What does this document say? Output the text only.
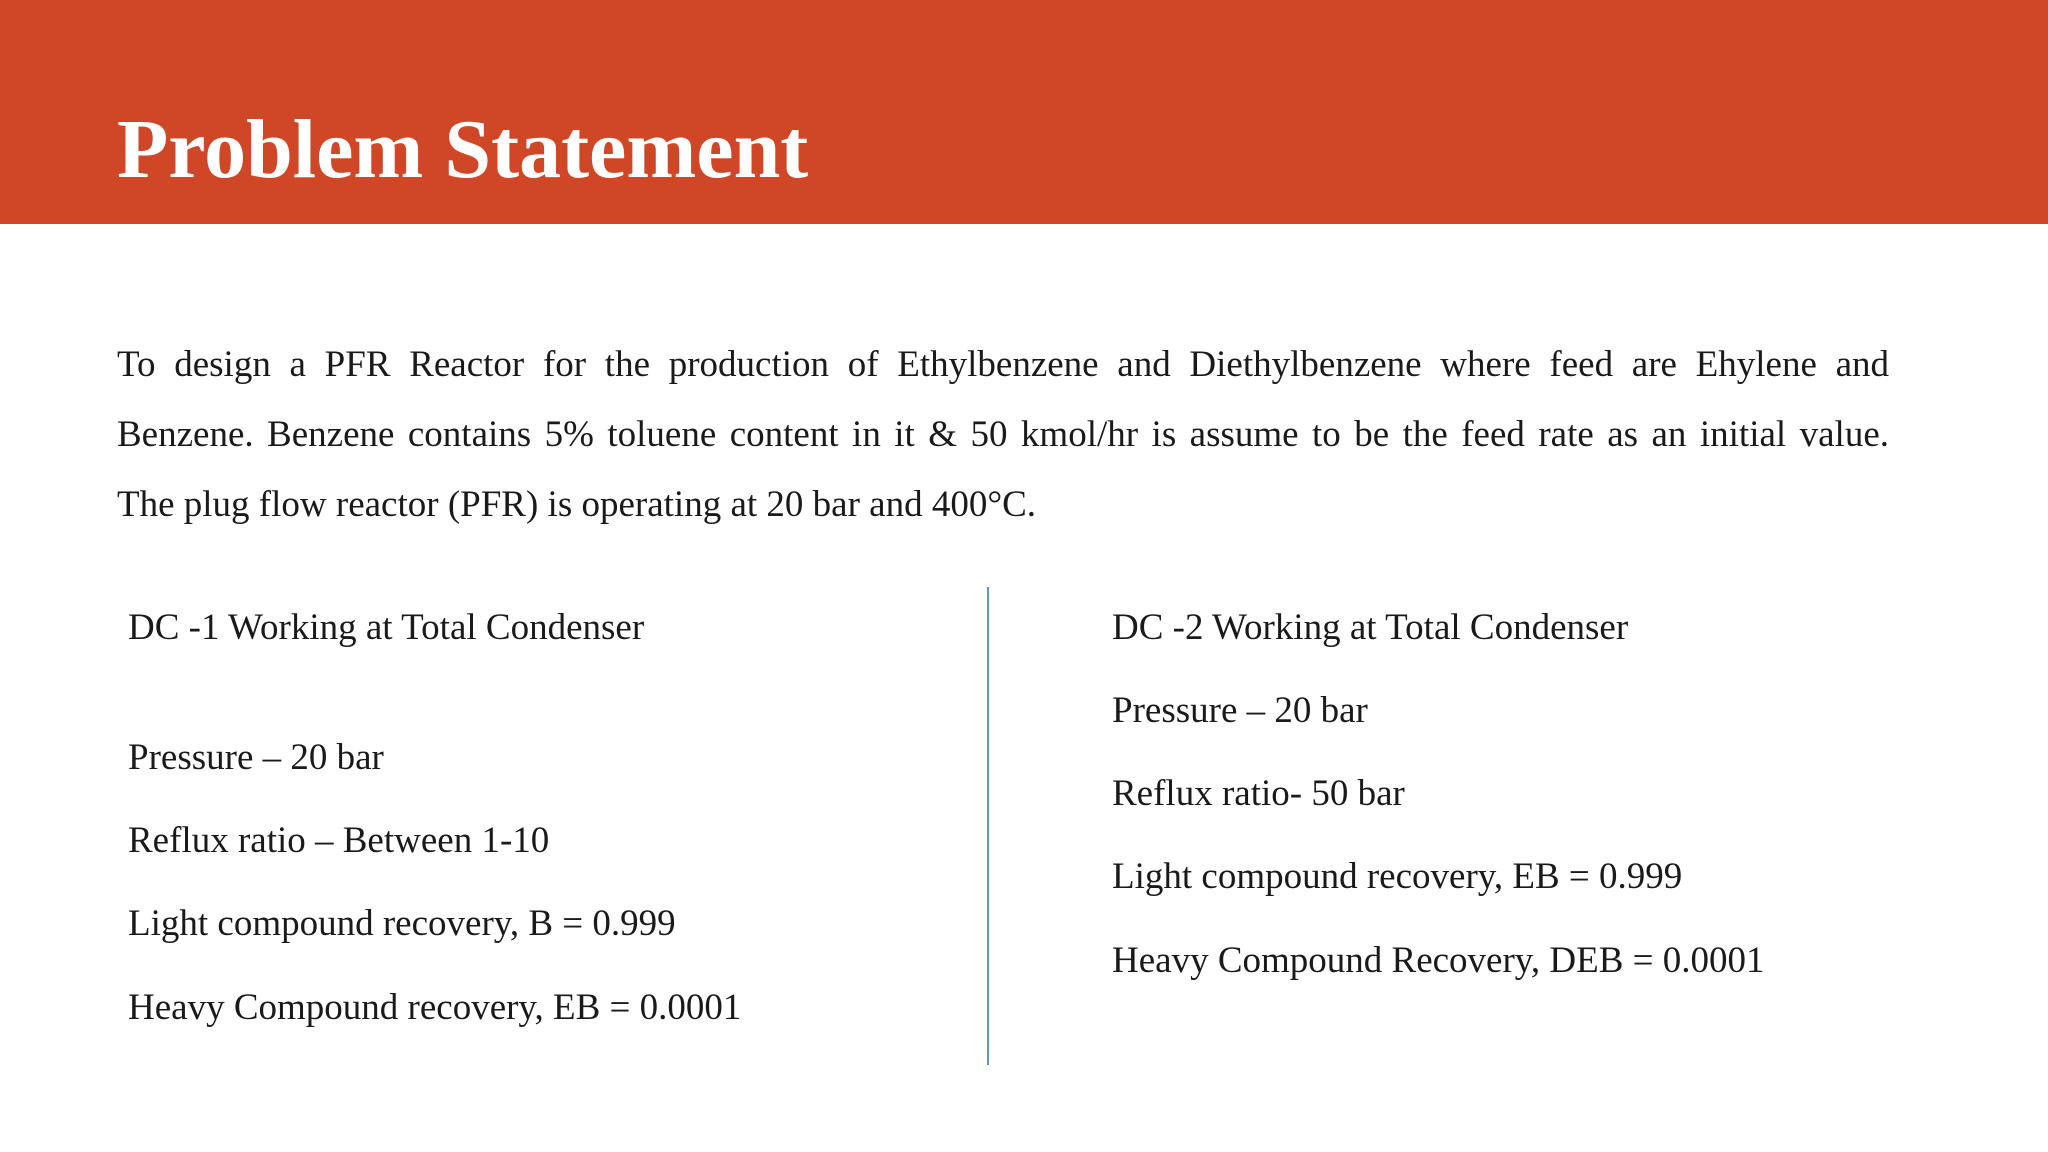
Problem Statement
To design a PFR Reactor for the production of Ethylbenzene and Diethylbenzene where feed are Ehylene and
Benzene. Benzene contains 5% toluene content in it & 50 kmol/hr is assume to be the feed rate as an initial value.
The plug flow reactor (PFR) is operating at 20 bar and 400°C.
DC -1 Working at Total Condenser
Pressure – 20 bar
Reflux ratio – Between 1-10
Light compound recovery, B = 0.999
Heavy Compound recovery, EB = 0.0001
DC -2 Working at Total Condenser
Pressure – 20 bar
Reflux ratio- 50 bar
Light compound recovery, EB = 0.999
Heavy Compound Recovery, DEB = 0.0001
